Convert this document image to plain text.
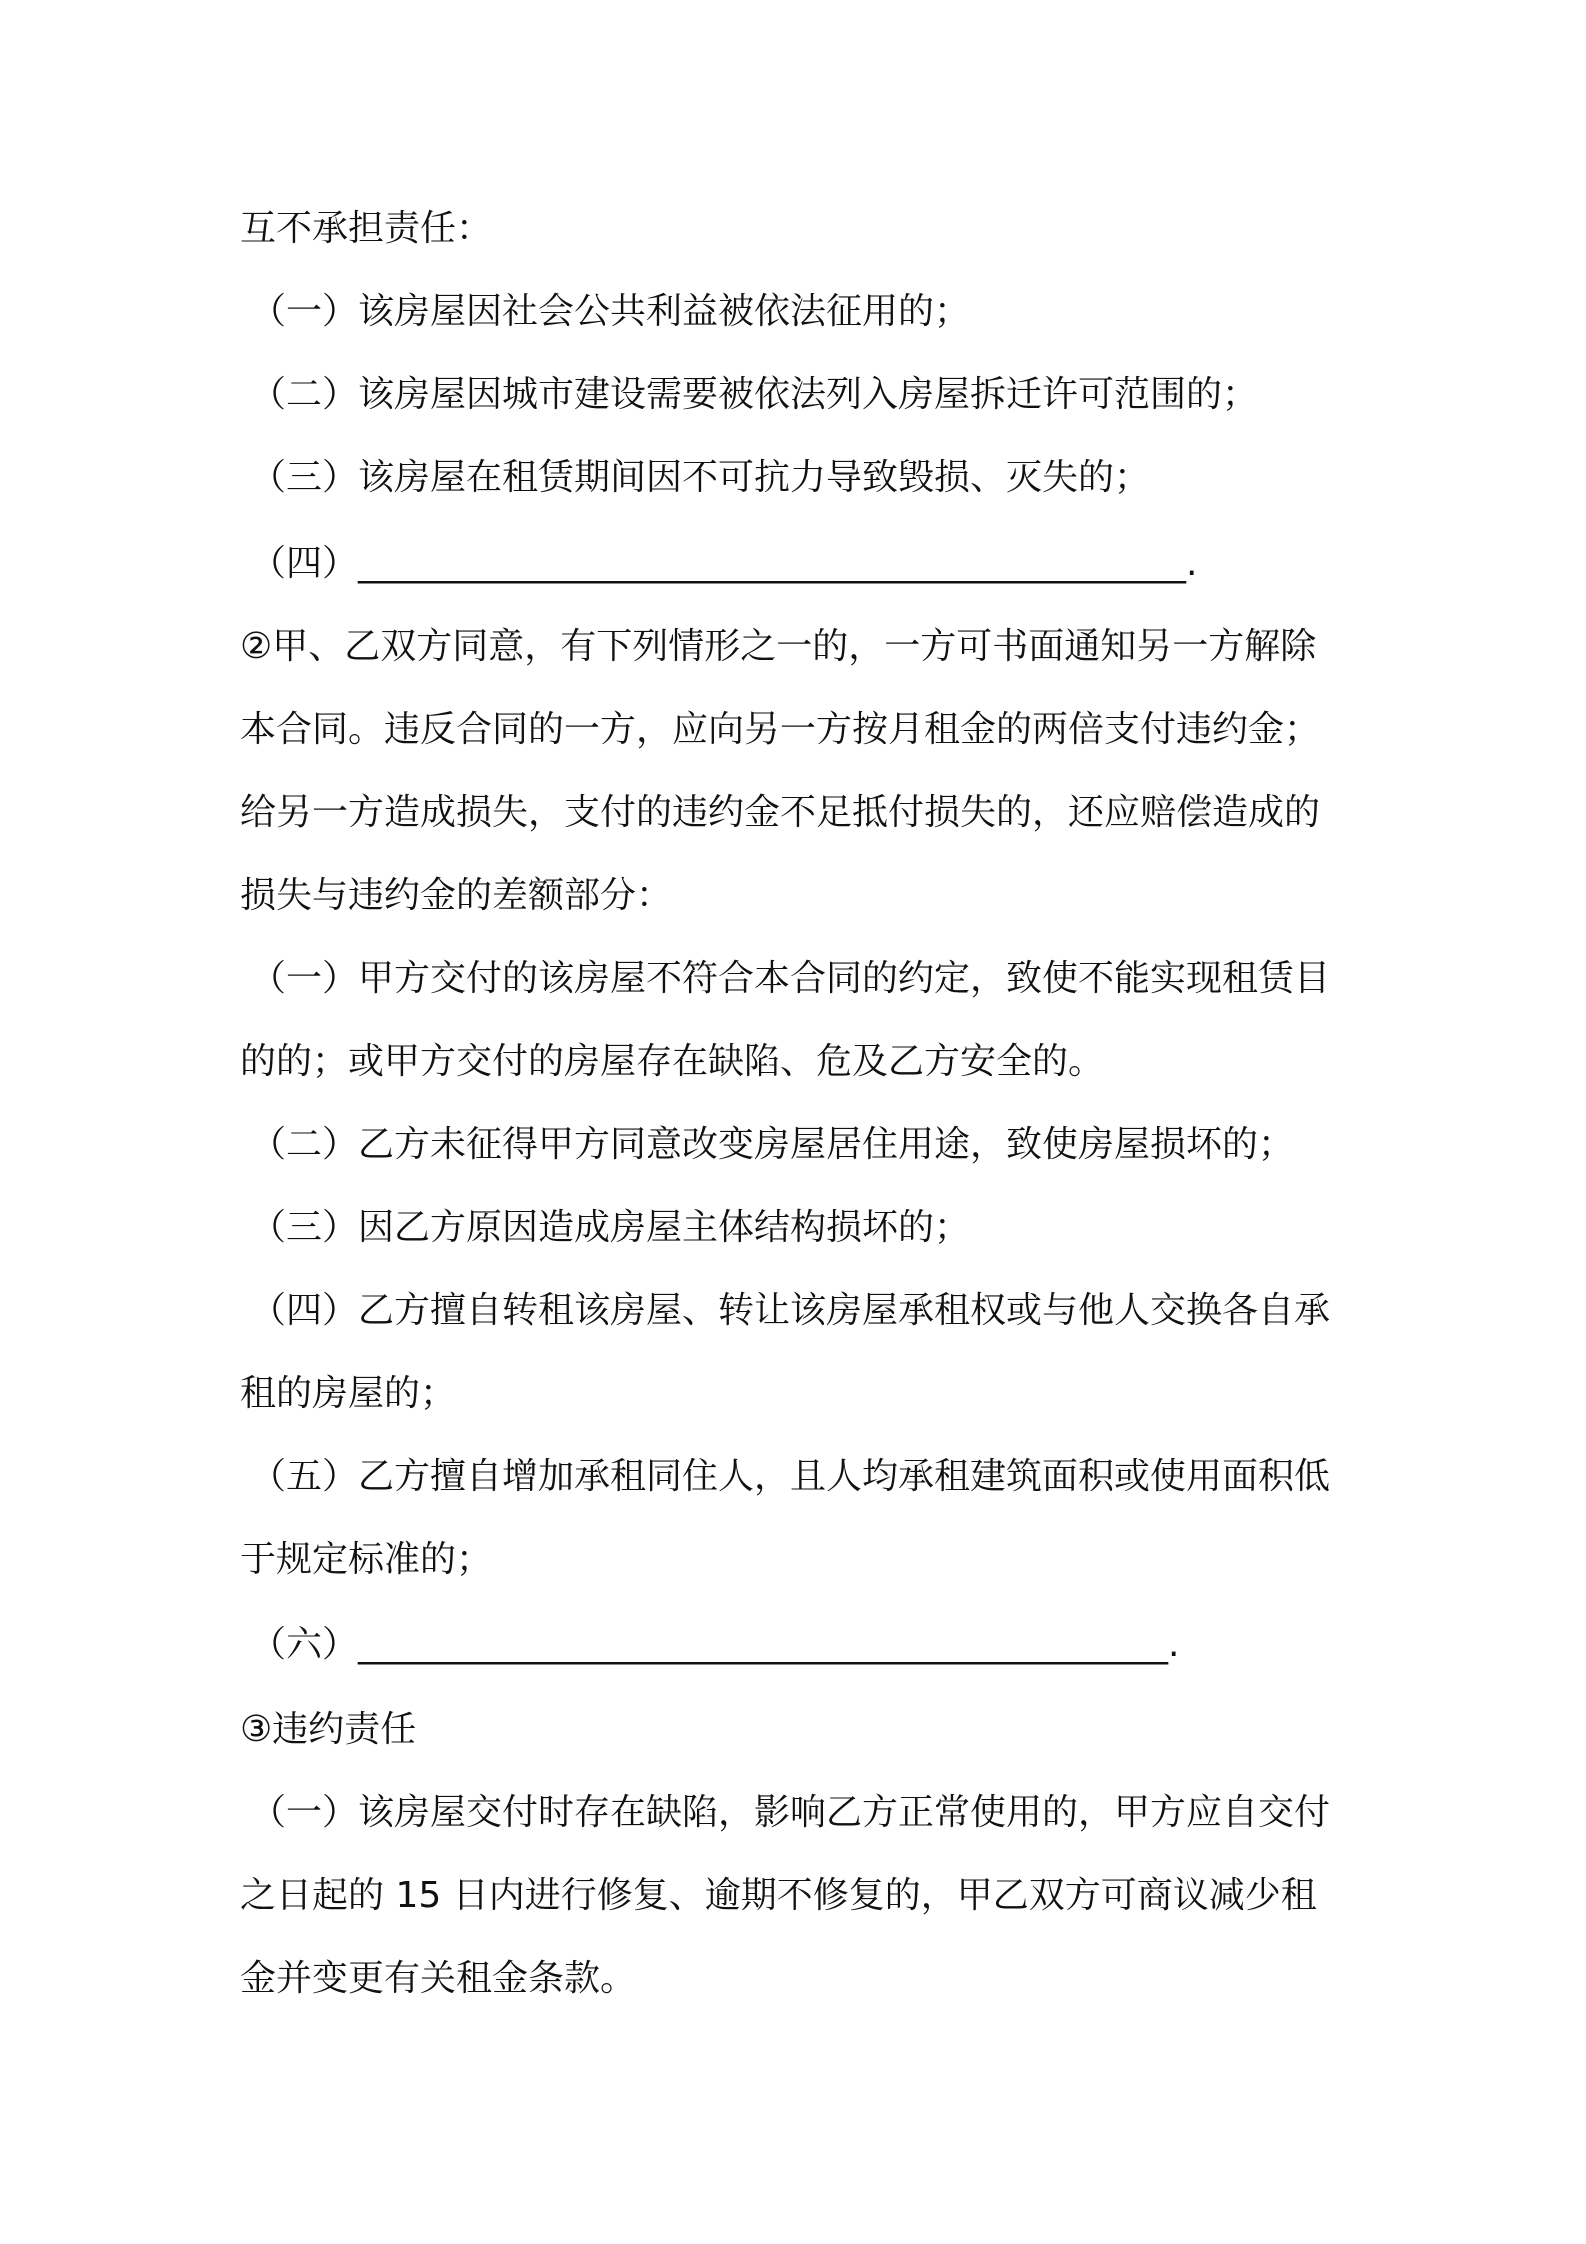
互不承担责任：
（一）该房屋因社会公共利益被依法征用的；
（二）该房屋因城市建设需要被依法列入房屋拆迁许可范围的；
（三）该房屋在租赁期间因不可抗力导致毁损、灭失的；
（四）______________________________________________.
②甲、乙双方同意，有下列情形之一的，一方可书面通知另一方解除
本合同。违反合同的一方，应向另一方按月租金的两倍支付违约金；
给另一方造成损失，支付的违约金不足抵付损失的，还应赔偿造成的
损失与违约金的差额部分：
（一）甲方交付的该房屋不符合本合同的约定，致使不能实现租赁目
的的；或甲方交付的房屋存在缺陷、危及乙方安全的。
（二）乙方未征得甲方同意改变房屋居住用途，致使房屋损坏的；
（三）因乙方原因造成房屋主体结构损坏的；
（四）乙方擅自转租该房屋、转让该房屋承租权或与他人交换各自承
租的房屋的；
（五）乙方擅自增加承租同住人，且人均承租建筑面积或使用面积低
于规定标准的；
（六）_____________________________________________.
③违约责任
（一）该房屋交付时存在缺陷，影响乙方正常使用的，甲方应自交付
之日起的 15 日内进行修复、逾期不修复的，甲乙双方可商议减少租
金并变更有关租金条款。
